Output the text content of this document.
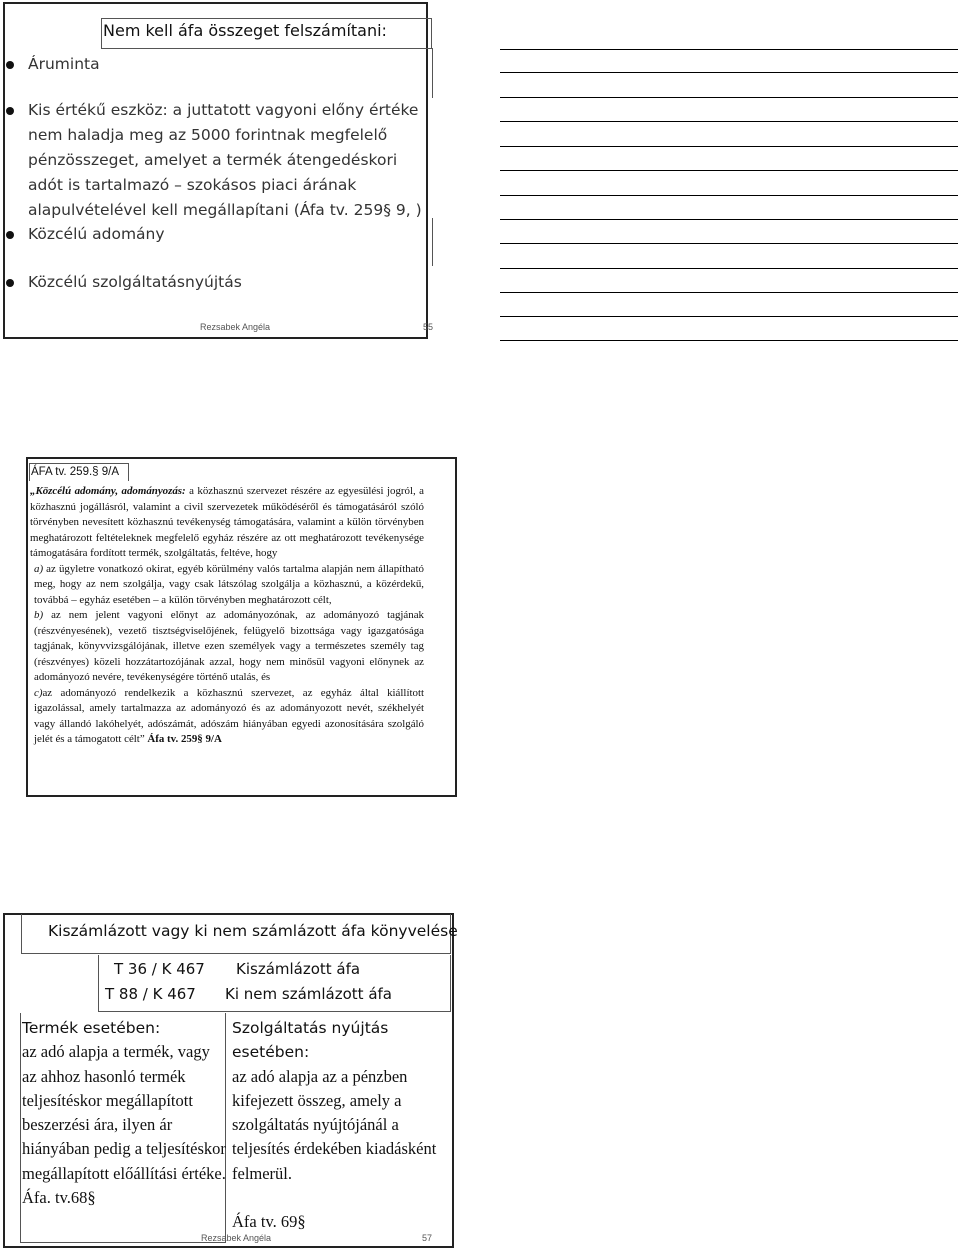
Nem kell áfa összeget felszámítani:
Áruminta
Kis értékű eszköz: a juttatott vagyoni előny értéke
nem haladja meg az 5000 forintnak megfelelő
pénzösszeget, amelyet a termék átengedéskori
adót is tartalmazó – szokásos piaci árának
alapulvételével kell megállapítani (Áfa tv. 259§ 9, )
Közcélú adomány
Közcélú szolgáltatásnyújtás
Rezsabek Angéla	55
ÁFA tv. 259.§ 9/A

„Közcélú adomány, adományozás: a közhasznú szervezet részére az egyesülési jogról, a közhasznú jogállásról, valamint a civil szervezetek működéséről és támogatásáról szóló törvényben nevesített közhasznú tevékenység támogatására, valamint a külön törvényben meghatározott feltételeknek megfelelő egyház részére az ott meghatározott tevékenysége támogatására fordított termék, szolgáltatás, feltéve, hogy

a) az ügyletre vonatkozó okirat, egyéb körülmény valós tartalma alapján nem állapítható meg, hogy az nem szolgálja, vagy csak látszólag szolgálja a közhasznú, a közérdekű, továbbá – egyház esetében – a külön törvényben meghatározott célt,

b) az nem jelent vagyoni előnyt az adományozónak, az adományozó tagjának (részvényesének), vezető tisztségviselőjének, felügyelő bizottsága vagy igazgatósága tagjának, könyvvizsgálójának, illetve ezen személyek vagy a természetes személy tag (részvényes) közeli hozzátartozójának azzal, hogy nem minősül vagyoni előnynek az adományozó nevére, tevékenységére történő utalás, és

c)az adományozó rendelkezik a közhasznú szervezet, az egyház által kiállított igazolással, amely tartalmazza az adományozó és az adományozott nevét, székhelyét vagy állandó lakóhelyét, adószámát, adószám hiányában egyedi azonosítására szolgáló jelét és a támogatott célt” Áfa tv. 259§ 9/A

Kiszámlázott vagy ki nem számlázott áfa könyvelése
T 36 / K 467 Kiszámlázott áfa
T 88 / K 467 Ki nem számlázott áfa
Termék esetében:
az adó alapja a termék, vagy az ahhoz hasonló termék teljesítéskor megállapított beszerzési ára, ilyen ár hiányában pedig a teljesítéskor megállapított előállítási értéke.
Áfa. tv.68§
Szolgáltatás nyújtás esetében:
az adó alapja az a pénzben kifejezett összeg, amely a szolgáltatás nyújtójánál a teljesítés érdekében kiadásként felmerül.
Áfa tv. 69§
Rezsabek Angéla	57
